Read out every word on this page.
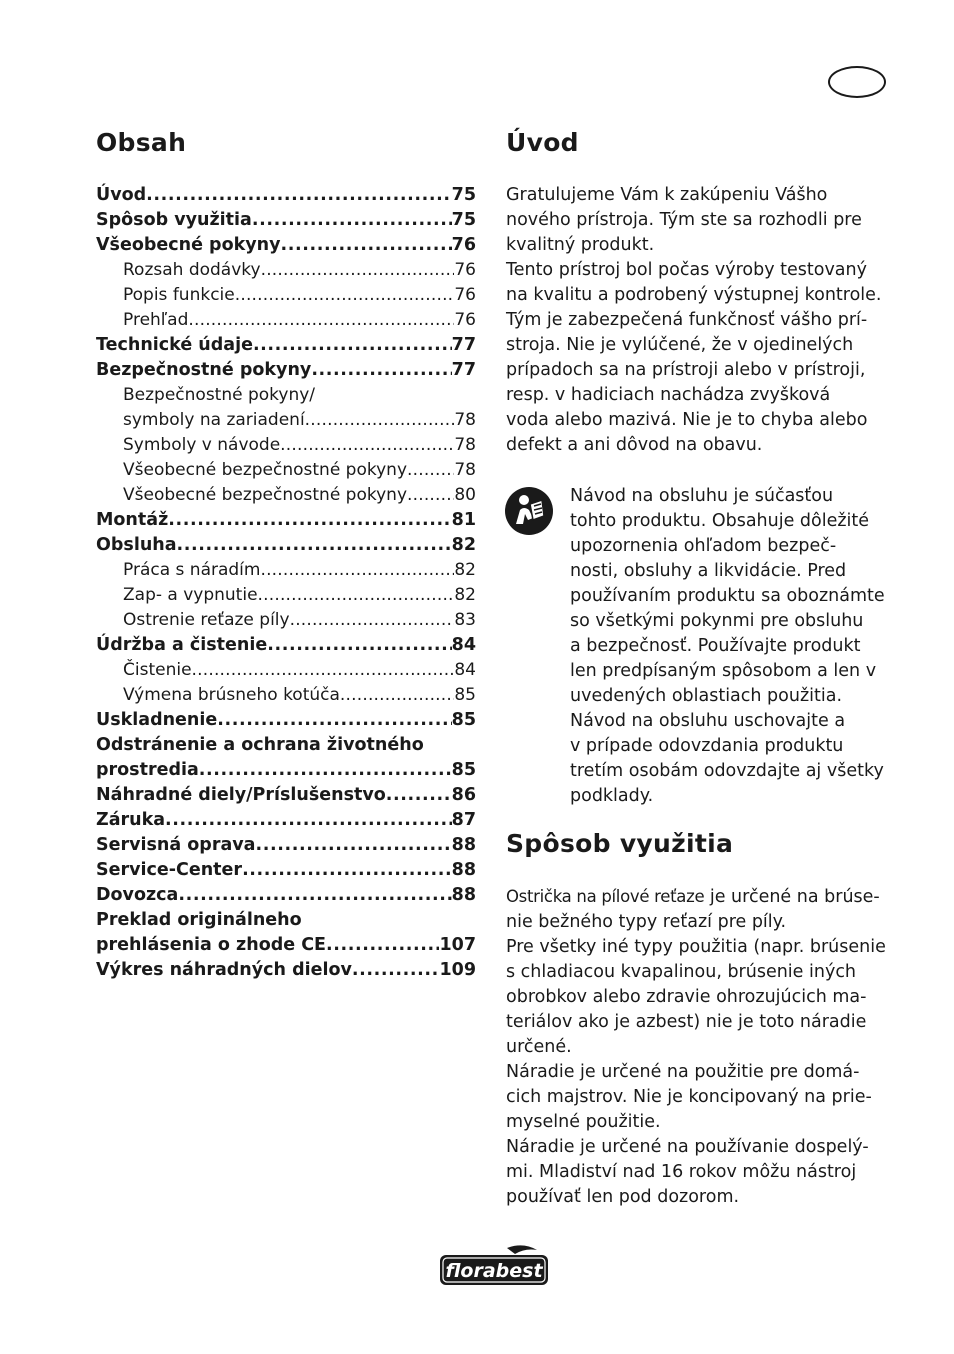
Obsah
Úvod .....	75
Spôsob využitia .....	75
Všeobecné pokyny .....	76
Rozsah dodávky .....	76
Popis funkcie .....	76
Prehľad .....	76
Technické údaje .....	77
Bezpečnostné pokyny .....	77
Bezpečnostné pokyny/
symboly na zariadení .....	78
Symboly v návode .....	78
Všeobecné bezpečnostné pokyny .....	78
Všeobecné bezpečnostné pokyny .....	80
Montáž .....	81
Obsluha .....	82
Práca s náradím .....	82
Zap- a vypnutie .....	82
Ostrenie reťaze píly .....	83
Údržba a čistenie .....	84
Čistenie .....	84
Výmena brúsneho kotúča .....	85
Uskladnenie .....	85
Odstránenie a ochrana životného
prostredia .....	85
Náhradné diely/Príslušenstvo .....	86
Záruka .....	87
Servisná oprava .....	88
Service-Center .....	88
Dovozca .....	88
Preklad originálneho
prehlásenia o zhode CE .....	107
Výkres náhradných dielov .....	109
Úvod
Gratulujeme Vám k zakúpeniu Vášho
nového prístroja. Tým ste sa rozhodli pre
kvalitný produkt.
Tento prístroj bol počas výroby testovaný
na kvalitu a podrobený výstupnej kontrole.
Tým je zabezpečená funkčnosť vášho prí-
stroja. Nie je vylúčené, že v ojedinelých
prípadoch sa na prístroji alebo v prístroji,
resp. v hadiciach nachádza zvyšková
voda alebo mazivá. Nie je to chyba alebo
defekt a ani dôvod na obavu.
Návod na obsluhu je súčasťou
tohto produktu. Obsahuje dôležité
upozornenia ohľadom bezpeč-
nosti, obsluhy a likvidácie. Pred
používaním produktu sa oboznámte
so všetkými pokynmi pre obsluhu
a bezpečnosť. Používajte produkt
len predpísaným spôsobom a len v
uvedených oblastiach použitia.
Návod na obsluhu uschovajte a
v prípade odovzdania produktu
tretím osobám odovzdajte aj všetky
podklady.
Spôsob využitia
Ostrička na pílové reťaze je určené na brúse-
nie bežného typy reťazí pre píly.
Pre všetky iné typy použitia (napr. brúsenie
s chladiacou kvapalinou, brúsenie iných
obrobkov alebo zdravie ohrozujúcich ma-
teriálov ako je azbest) nie je toto náradie
určené.
Náradie je určené na použitie pre domá-
cich majstrov. Nie je koncipovaný na prie-
myselné použitie.
Náradie je určené na používanie dospelý-
mi. Mladiství nad 16 rokov môžu nástroj
používať len pod dozorom.
florabest
